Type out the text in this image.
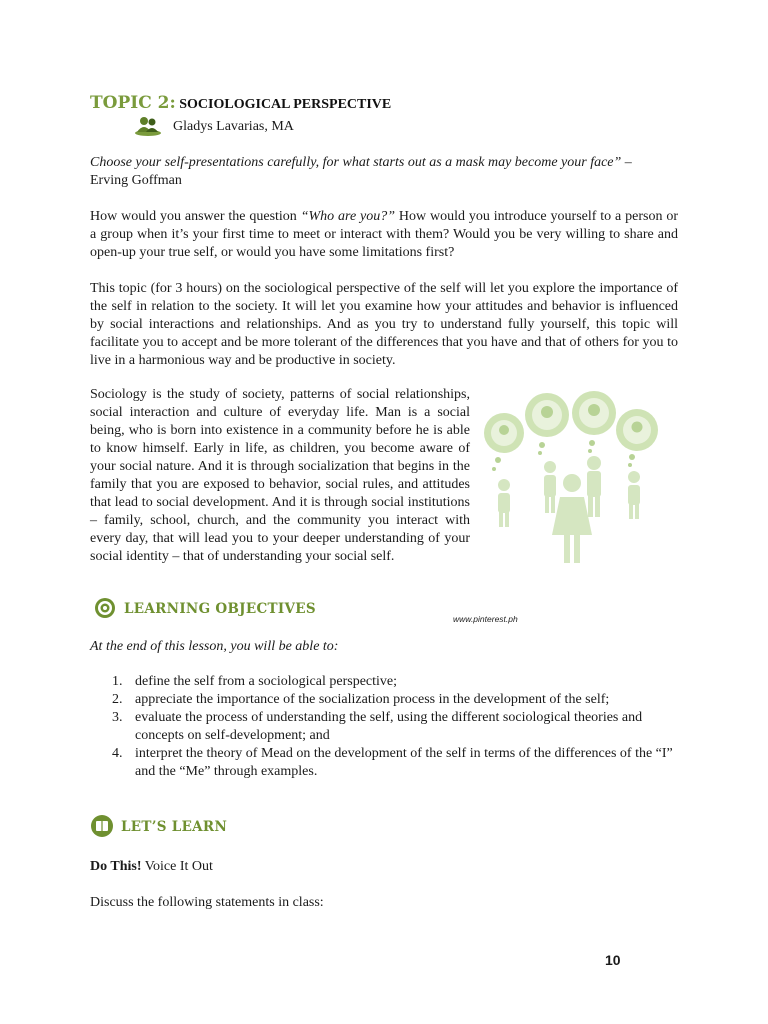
TOPIC 2: SOCIOLOGICAL PERSPECTIVE
Gladys Lavarias, MA
Choose your self-presentations carefully, for what starts out as a mask may become your face” –
Erving Goffman

How would you answer the question “Who are you?” How would you introduce yourself to a person or a group when it’s your first time to meet or interact with them? Would you be very willing to share and open-up your true self, or would you have some limitations first?

This topic (for 3 hours) on the sociological perspective of the self will let you explore the importance of the self in relation to the society. It will let you examine how your attitudes and behavior is influenced by social interactions and relationships. And as you try to understand fully yourself, this topic will facilitate you to accept and be more tolerant of the differences that you have and that of others for you to live in a harmonious way and be productive in society.

Sociology is the study of society, patterns of social relationships, social interaction and culture of everyday life. Man is a social being, who is born into existence in a community before he is able to know himself. Early in life, as children, you become aware of your social nature. And it is through socialization that begins in the family that you are exposed to behavior, social rules, and attitudes that lead to social development. And it is through social institutions – family, school, church, and the community you interact with every day, that will lead you to your deeper understanding of your social identity – that of understanding your social self.

www.pinterest.ph
LEARNING OBJECTIVES
At the end of this lesson, you will be able to:
1. define the self from a sociological perspective;
2. appreciate the importance of the socialization process in the development of the self;
3. evaluate the process of understanding the self, using the different sociological theories and concepts on self-development; and
4. interpret the theory of Mead on the development of the self in terms of the differences of the “I” and the “Me” through examples.
LET’S LEARN
Do This! Voice It Out
Discuss the following statements in class:
10
